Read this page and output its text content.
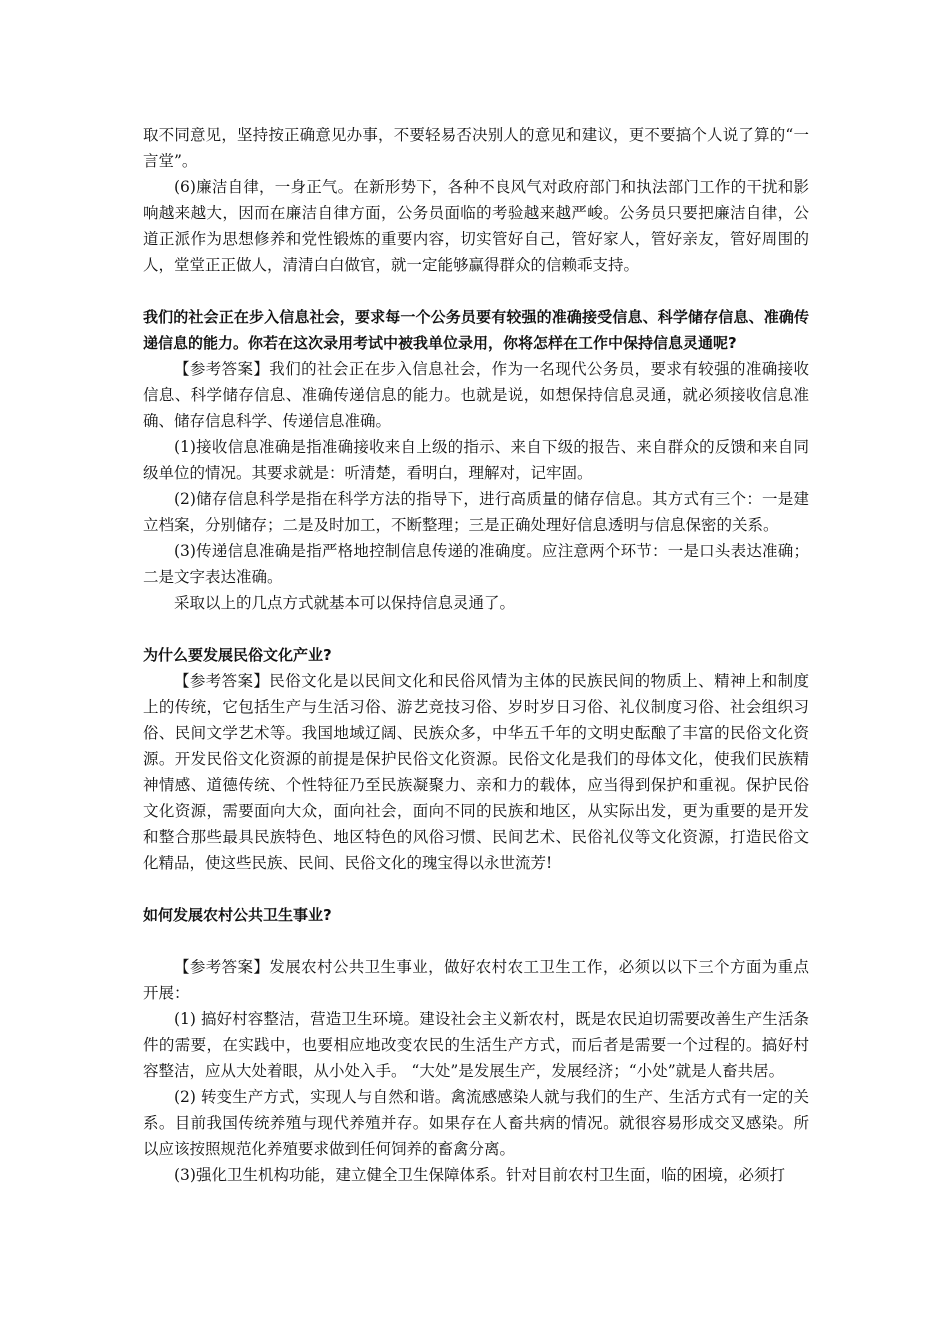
取不同意见，坚持按正确意见办事，不要轻易否决别人的意见和建议，更不要搞个人说了算的“一言堂”。

(6)廉洁自律，一身正气。在新形势下，各种不良风气对政府部门和执法部门工作的干扰和影响越来越大，因而在廉洁自律方面，公务员面临的考验越来越严峻。公务员只要把廉洁自律，公道正派作为思想修养和党性锻炼的重要内容，切实管好自己，管好家人，管好亲友，管好周围的人，堂堂正正做人，清清白白做官，就一定能够赢得群众的信赖乖支持。

我们的社会正在步入信息社会，要求每一个公务员要有较强的准确接受信息、科学储存信息、准确传递信息的能力。你若在这次录用考试中被我单位录用，你将怎样在工作中保持信息灵通呢?

【参考答案】我们的社会正在步入信息社会，作为一名现代公务员，要求有较强的准确接收信息、科学储存信息、准确传递信息的能力。也就是说，如想保持信息灵通，就必须接收信息准确、储存信息科学、传递信息准确。

(1)接收信息准确是指准确接收来自上级的指示、来自下级的报告、来自群众的反馈和来自同级单位的情况。其要求就是：听清楚，看明白，理解对，记牢固。

(2)储存信息科学是指在科学方法的指导下，进行高质量的储存信息。其方式有三个：一是建立档案，分别储存；二是及时加工，不断整理；三是正确处理好信息透明与信息保密的关系。

(3)传递信息准确是指严格地控制信息传递的准确度。应注意两个环节：一是口头表达准确；二是文字表达准确。

采取以上的几点方式就基本可以保持信息灵通了。

为什么要发展民俗文化产业?

【参考答案】民俗文化是以民间文化和民俗风情为主体的民族民间的物质上、精神上和制度上的传统，它包括生产与生活习俗、游艺竞技习俗、岁时岁日习俗、礼仪制度习俗、社会组织习俗、民间文学艺术等。我国地域辽阔、民族众多，中华五千年的文明史酝酿了丰富的民俗文化资源。开发民俗文化资源的前提是保护民俗文化资源。民俗文化是我们的母体文化，使我们民族精神情感、道德传统、个性特征乃至民族凝聚力、亲和力的载体，应当得到保护和重视。保护民俗文化资源，需要面向大众，面向社会，面向不同的民族和地区，从实际出发，更为重要的是开发和整合那些最具民族特色、地区特色的风俗习惯、民间艺术、民俗礼仪等文化资源，打造民俗文化精品，使这些民族、民间、民俗文化的瑰宝得以永世流芳!

如何发展农村公共卫生事业?

【参考答案】发展农村公共卫生事业，做好农村农工卫生工作，必须以以下三个方面为重点开展：

(1) 搞好村容整洁，营造卫生环境。建设社会主义新农村，既是农民迫切需要改善生产生活条件的需要，在实践中，也要相应地改变农民的生活生产方式，而后者是需要一个过程的。搞好村容整洁，应从大处着眼，从小处入手。 “大处”是发展生产，发展经济；“小处”就是人畜共居。

(2) 转变生产方式，实现人与自然和谐。禽流感感染人就与我们的生产、生活方式有一定的关系。目前我国传统养殖与现代养殖并存。如果存在人畜共病的情况。就很容易形成交叉感染。所以应该按照规范化养殖要求做到任何饲养的畜禽分离。

(3)强化卫生机构功能，建立健全卫生保障体系。针对目前农村卫生面，临的困境，必须打
